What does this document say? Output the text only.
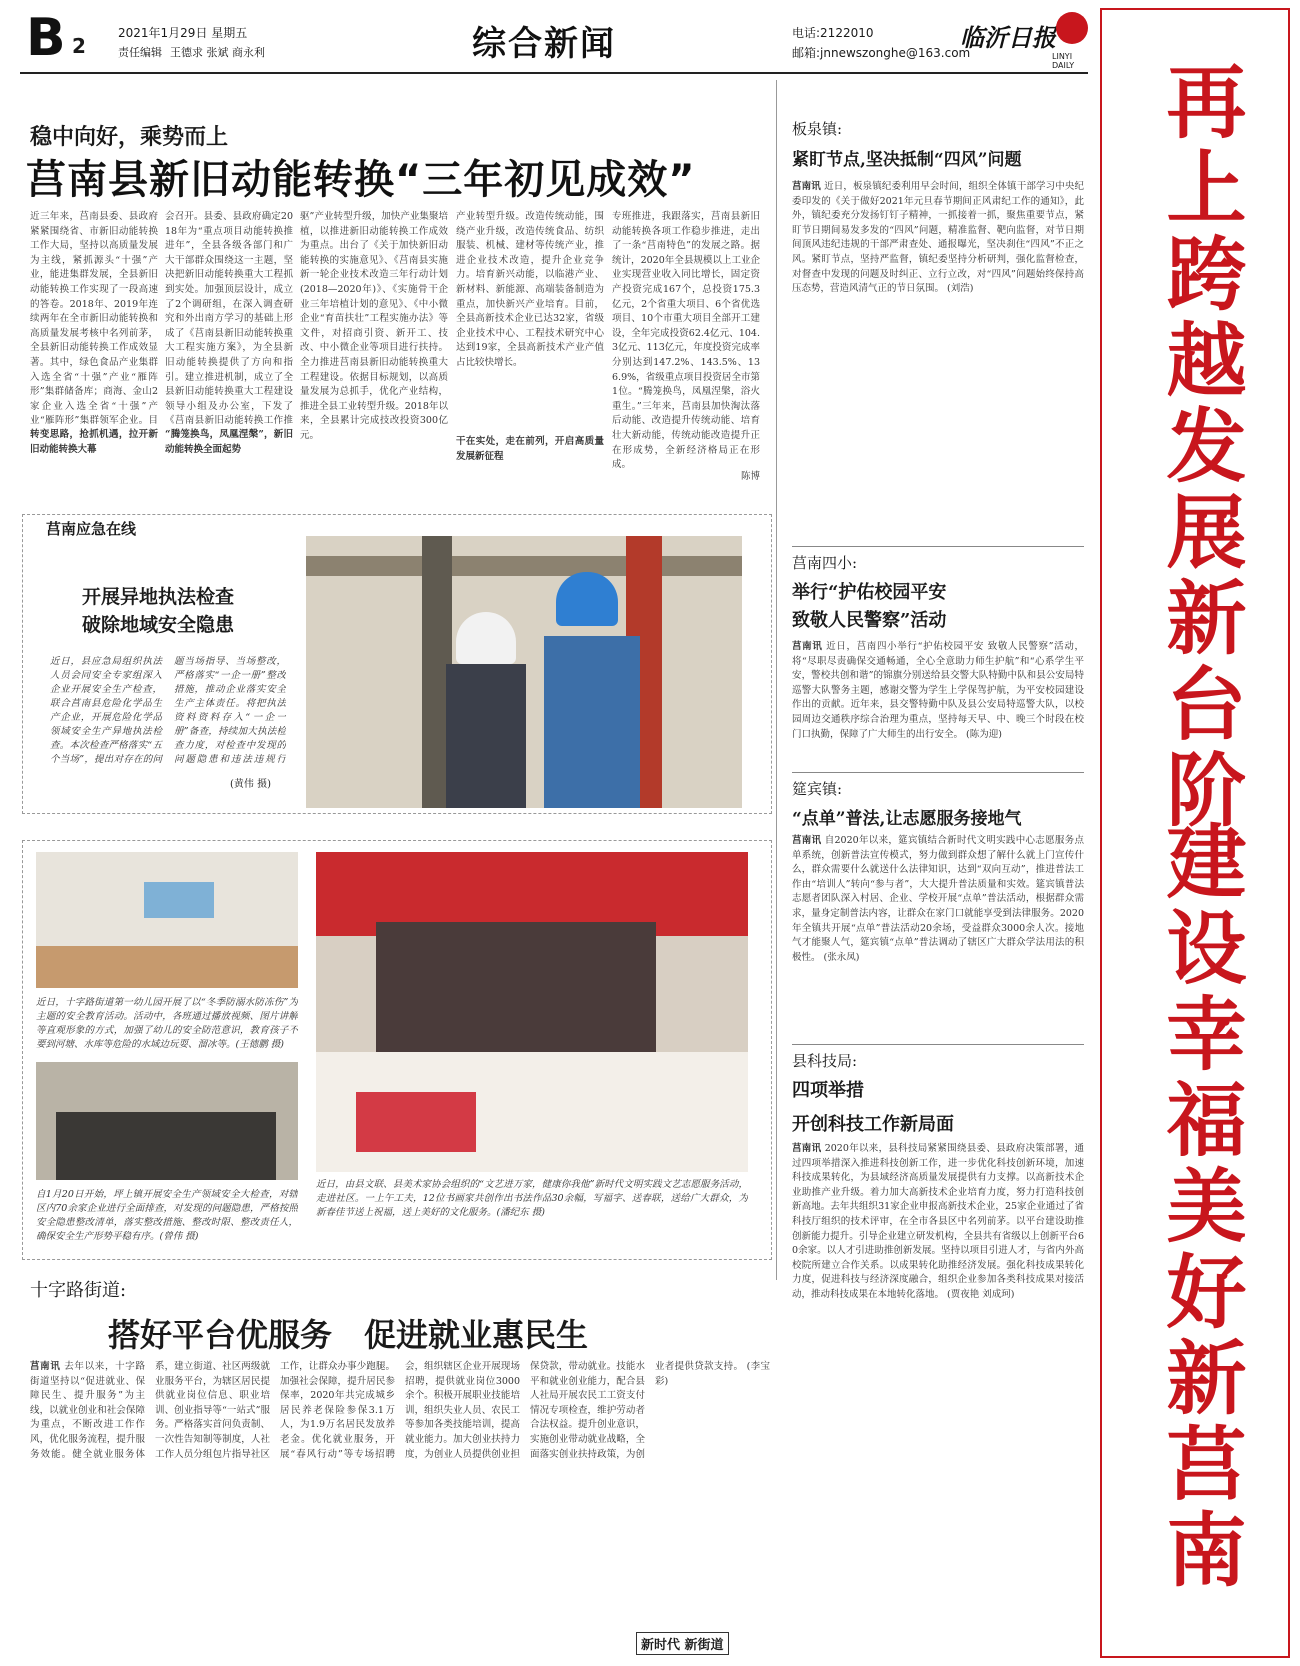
B 2
2021年1月29日 星期五
责任编辑 王德求 张斌 商永利	综合新闻	电话:2122010
邮箱:jnnewszonghe@163.com
临沂日报
LINYI DAILY 再上跨越发展新台阶
建设幸福美好新莒南
稳中向好，乘势而上
莒南县新旧动能转换“三年初见成效”
近三年来，莒南县委、县政府紧紧围绕省、市新旧动能转换工作大局，坚持以高质量发展为主线，紧抓源头“十强”产业，能进集群发展，全县新旧动能转换工作实现了一段高速的答卷。2018年、2019年连续两年在全市新旧动能转换和高质量发展考核中名列前茅，全县新旧动能转换工作成效显著。其中，绿色食品产业集群入选全省“十强”产业“雁阵形”集群储备库；商海、金山2家企业入选全省“十强”产业“雁阵形”集群领军企业。目
转变思路，抢抓机遇，拉开新旧动能转换大幕
会召开。县委、县政府确定2018年为“重点项目动能转换推进年”，全县各级各部门和广大干部群众围绕这一主题，坚决把新旧动能转换重大工程抓到实处。加强顶层设计，成立了2个调研组，在深入调查研究和外出南方学习的基础上形成了《莒南县新旧动能转换重大工程实施方案》，为全县新旧动能转换提供了方向和指引。建立推进机制，成立了全县新旧动能转换重大工程建设领导小组及办公室，下发了《莒南县新旧动能转换工作推
“腾笼换鸟，凤凰涅槃”，新旧动能转换全面起势
驱”产业转型升级，加快产业集聚培植，以推进新旧动能转换工作成效为重点。出台了《关于加快新旧动能转换的实施意见》、《莒南县实施新一轮企业技术改造三年行动计划(2018—2020年)》、《实施骨干企业三年培植计划的意见》、《中小微企业“育苗扶壮”工程实施办法》等文件，对招商引资、新开工、技改、中小微企业等项目进行扶持。全力推进莒南县新旧动能转换重大工程建设。依据目标规划，以高质量发展为总抓手，优化产业结构，推进全县工业转型升级。2018年以来，全县累计完成技改投资300亿元。
产业转型升级。改造传统动能，围绕产业升级，改造传统食品、纺织服装、机械、建材等传统产业，推进企业技术改造，提升企业竞争力。培育新兴动能，以临港产业、新材料、新能源、高端装备制造为重点，加快新兴产业培育。目前，全县高新技术企业已达32家，省级企业技术中心、工程技术研究中心达到19家，全县高新技术产业产值占比较快增长。
干在实处，走在前列，开启高质量发展新征程
专班推进，我跟落实，莒南县新旧动能转换各项工作稳步推进，走出了一条“莒南特色”的发展之路。据统计，2020年全县规模以上工业企业实现营业收入同比增长，固定资产投资完成167个，总投资175.3亿元，2个省重大项目、6个省优选项目、10个市重大项目全部开工建设，全年完成投资62.4亿元、104.3亿元、113亿元，年度投资完成率分别达到147.2%、143.5%、136.9%，省级重点项目投资居全市第1位。“腾笼换鸟，凤凰涅槃，浴火重生。”三年来，莒南县加快淘汰落后动能、改造提升传统动能、培育壮大新动能，传统动能改造提升正在形成势，全新经济格局正在形成。
陈博
莒南应急在线
开展异地执法检查
破除地域安全隐患
近日，县应急局组织执法人员会同安全专家组深入企业开展安全生产检查，联合莒南县危险化学品生产企业，开展危险化学品领域安全生产异地执法检查。本次检查严格落实“五个当场”，提出对存在的问题当场指导、当场整改，严格落实“一企一册”整改措施，推动企业落实安全生产主体责任。将把执法资料资料存入“一企一册”备查，持续加大执法检查力度，对检查中发现的问题隐患和违法违规行
(黄伟 摄)
近日，十字路街道第一幼儿园开展了以“冬季防溺水防冻伤”为主题的安全教育活动。活动中，各班通过播放视频、图片讲解等直观形象的方式，加强了幼儿的安全防范意识，教育孩子不要到河塘、水库等危险的水域边玩耍、溜冰等。(王德鹏 摄)
自1月20日开始，坪上镇开展安全生产领域安全大检查，对辖区内70余家企业进行全面排查，对发现的问题隐患，严格按照安全隐患整改清单，落实整改措施、整改时限、整改责任人，确保安全生产形势平稳有序。(曾伟 摄)
近日，由县文联、县美术家协会组织的“文艺进万家，健康你我他”新时代文明实践文艺志愿服务活动，走进社区。一上午工夫，12位书画家共创作出书法作品30余幅，写福字、送春联，送给广大群众，为新春佳节送上祝福，送上美好的文化服务。(潘纪东 摄)
十字路街道:
搭好平台优服务　促进就业惠民生
莒南讯 去年以来，十字路街道坚持以“促进就业、保障民生、提升服务”为主线，以就业创业和社会保障为重点，不断改进工作作风，优化服务流程，提升服务效能。健全就业服务体系，建立街道、社区两级就业服务平台，为辖区居民提供就业岗位信息、职业培训、创业指导等“一站式”服务。严格落实首问负责制、一次性告知制等制度，人社工作人员分组包片指导社区工作，让群众办事少跑腿。加强社会保障，提升居民参保率，2020年共完成城乡居民养老保险参保3.1万人，为1.9万名居民发放养老金。优化就业服务，开展“春风行动”等专场招聘会，组织辖区企业开展现场招聘，提供就业岗位3000余个。积极开展职业技能培训，组织失业人员、农民工等参加各类技能培训，提高就业能力。加大创业扶持力度，为创业人员提供创业担保贷款，带动就业。技能水平和就业创业能力，配合县人社局开展农民工工资支付情况专项检查，维护劳动者合法权益。提升创业意识，实施创业带动就业战略，全面落实创业扶持政策，为创业者提供贷款支持。 (李宝彩)
新时代 新街道
板泉镇:
紧盯节点,坚决抵制“四风”问题
莒南讯 近日，板泉镇纪委利用早会时间，组织全体镇干部学习中央纪委印发的《关于做好2021年元旦春节期间正风肃纪工作的通知》，此外，镇纪委充分发扬钉钉子精神，一抓接着一抓，聚焦重要节点，紧盯节日期间易发多发的“四风”问题，精准监督、靶向监督，对节日期间顶风违纪违规的干部严肃查处、通报曝光，坚决刹住“四风”不正之风。紧盯节点，坚持严监督，镇纪委坚持分析研判，强化监督检查，对督查中发现的问题及时纠正、立行立改，对“四风”问题始终保持高压态势，营造风清气正的节日氛围。 (刘浩)
莒南四小:
举行“护佑校园平安
致敬人民警察”活动
莒南讯 近日，莒南四小举行“护佑校园平安 致敬人民警察”活动，将“尽职尽责确保交通畅通，全心全意助力师生护航”和“心系学生平安，警校共创和谐”的锦旗分别送给县交警大队特勤中队和县公安局特巡警大队警务主题，感谢交警为学生上学保驾护航，为平安校园建设作出的贡献。近年来，县交警特勤中队及县公安局特巡警大队，以校园周边交通秩序综合治理为重点，坚持每天早、中、晚三个时段在校门口执勤，保障了广大师生的出行安全。 (陈为迎)
筵宾镇:
“点单”普法,让志愿服务接地气
莒南讯 自2020年以来，筵宾镇结合新时代文明实践中心志愿服务点单系统，创新普法宣传模式，努力做到群众想了解什么就上门宣传什么，群众需要什么就送什么法律知识，达到“双向互动”，推进普法工作由“培训人”转向“参与者”，大大提升普法质量和实效。筵宾镇普法志愿者团队深入村居、企业、学校开展“点单”普法活动，根据群众需求，量身定制普法内容，让群众在家门口就能享受到法律服务。2020年全镇共开展“点单”普法活动20余场，受益群众3000余人次。接地气才能聚人气，筵宾镇“点单”普法调动了辖区广大群众学法用法的积极性。 (张永凤)
县科技局:
四项举措
开创科技工作新局面
莒南讯 2020年以来，县科技局紧紧围绕县委、县政府决策部署，通过四项举措深入推进科技创新工作，进一步优化科技创新环境，加速科技成果转化，为县域经济高质量发展提供有力支撑。以高新技术企业助推产业升级。着力加大高新技术企业培育力度，努力打造科技创新高地。去年共组织31家企业申报高新技术企业，25家企业通过了省科技厅组织的技术评审，在全市各县区中名列前茅。以平台建设助推创新能力提升。引导企业建立研发机构，全县共有省级以上创新平台60余家。以人才引进助推创新发展。坚持以项目引进人才，与省内外高校院所建立合作关系。以成果转化助推经济发展。强化科技成果转化力度，促进科技与经济深度融合，组织企业参加各类科技成果对接活动，推动科技成果在本地转化落地。 (贾夜艳 刘成珂)
